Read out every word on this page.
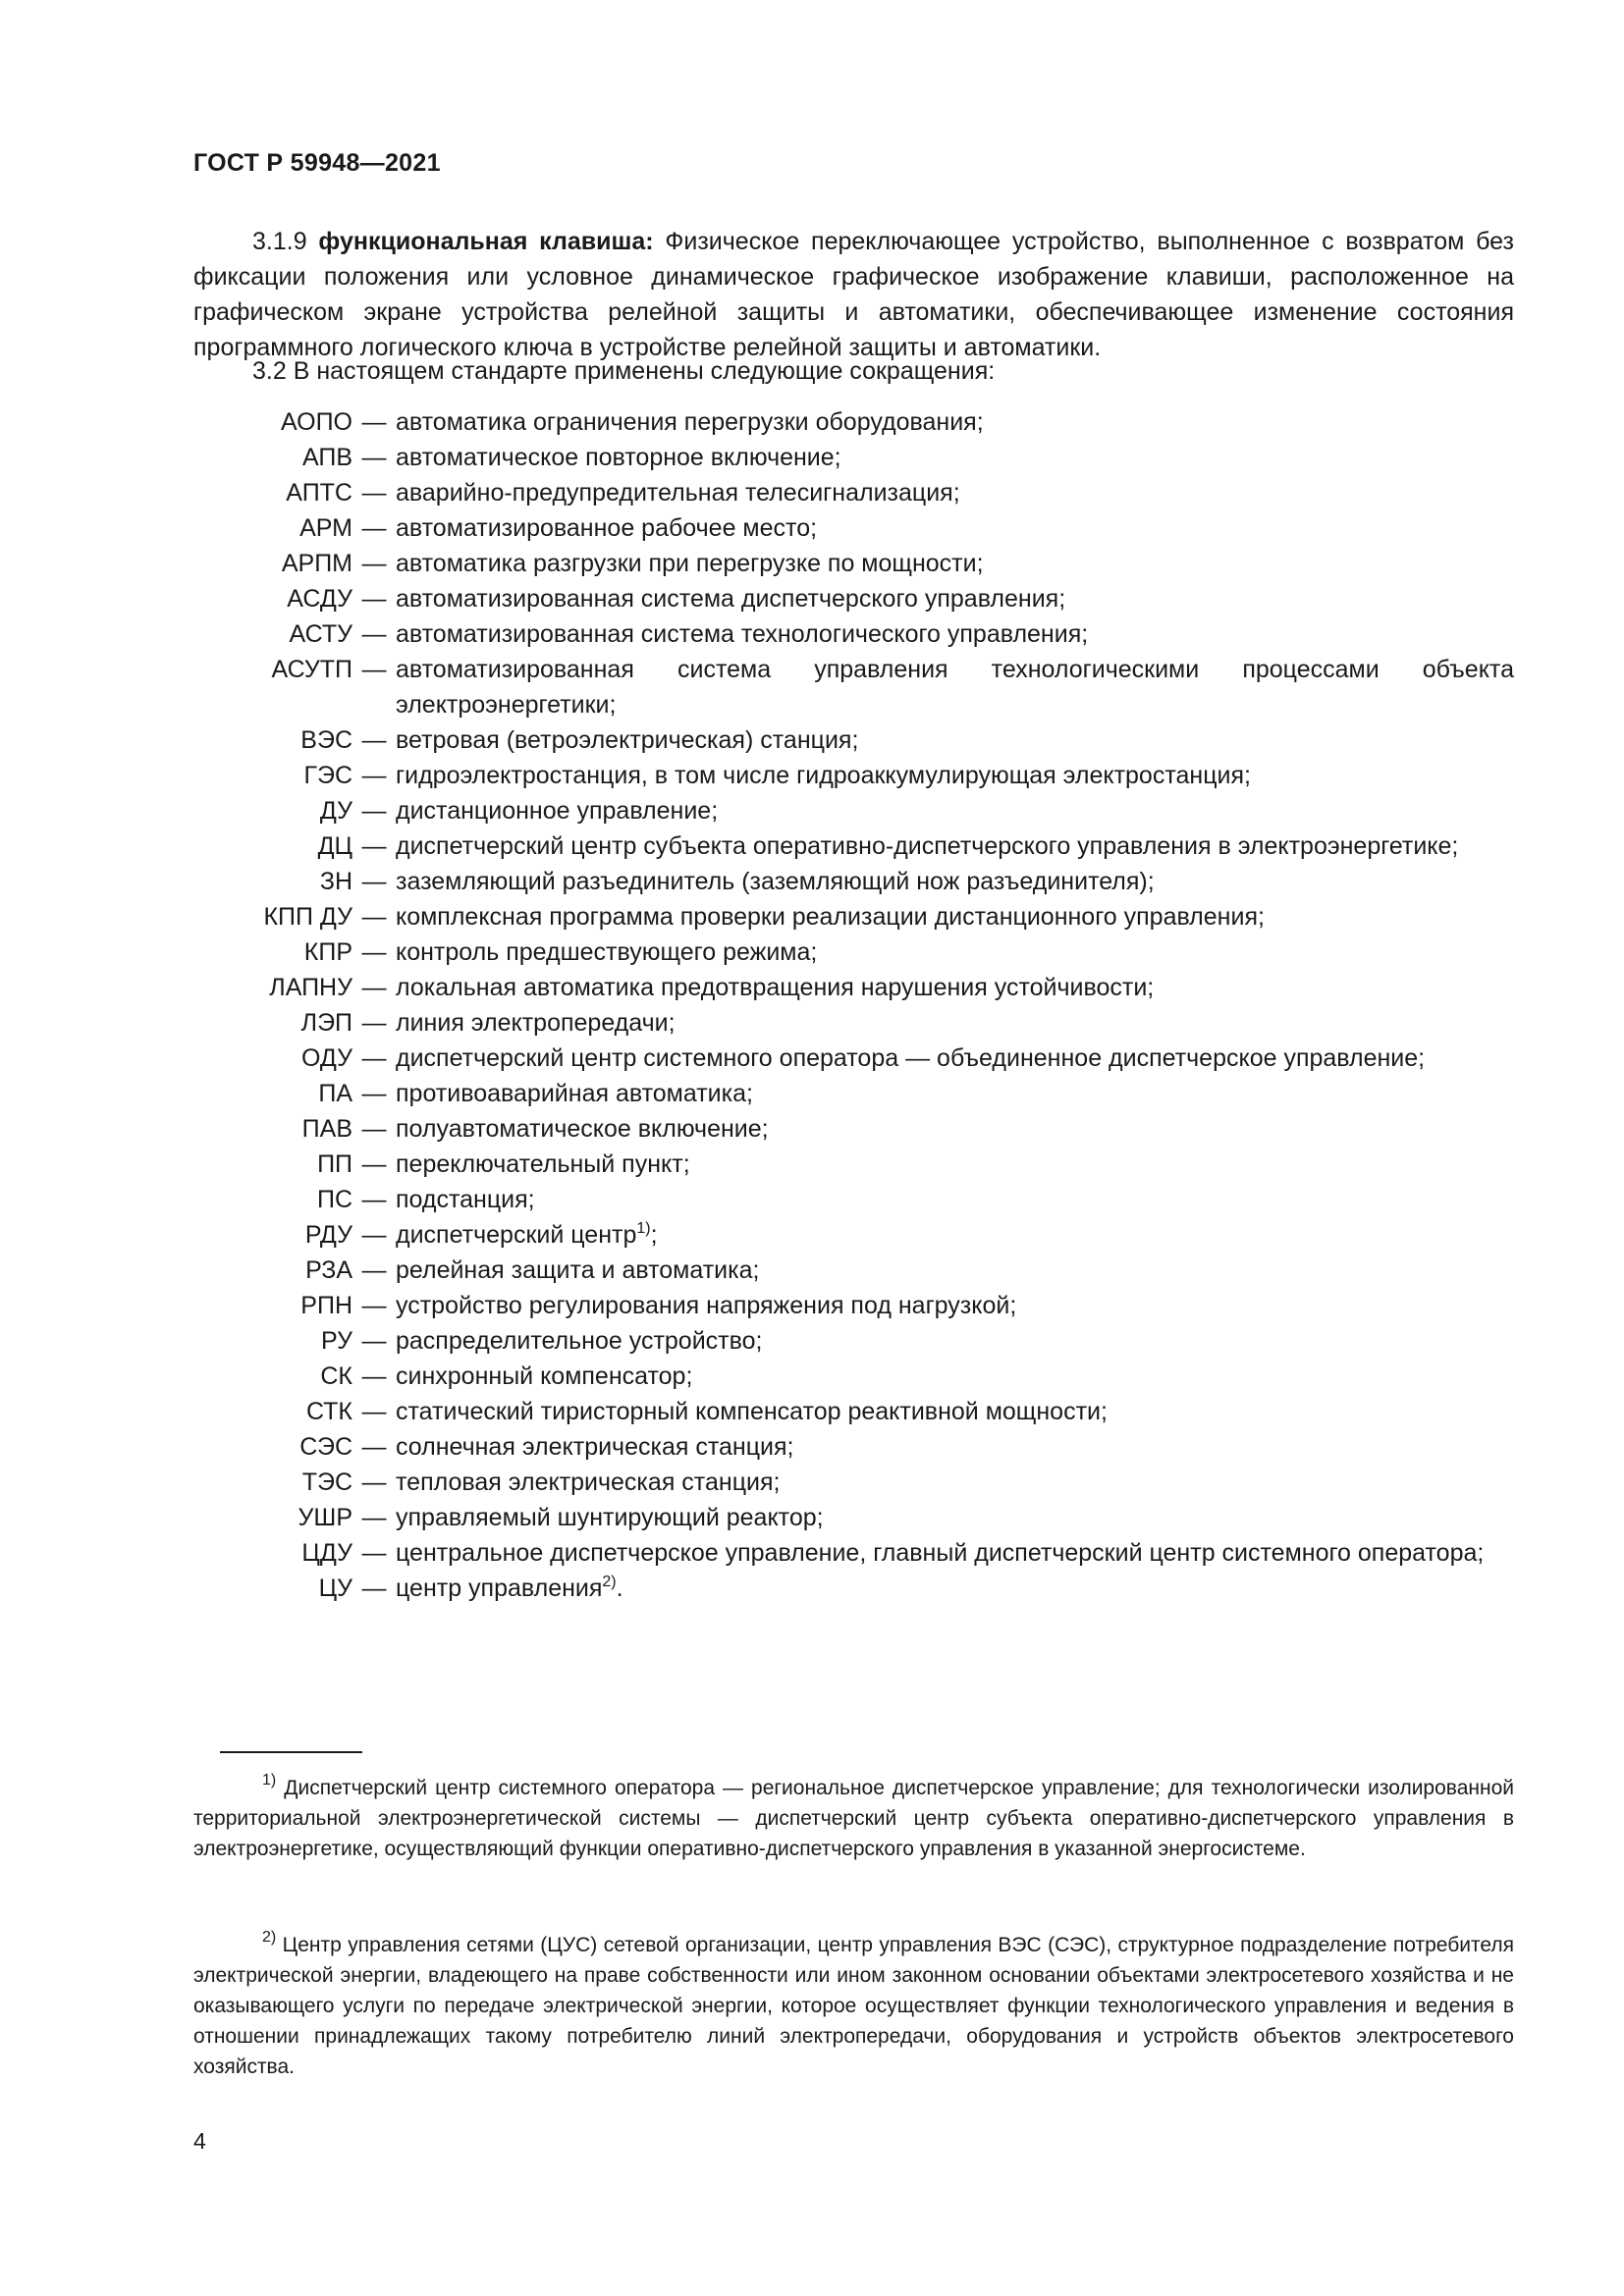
ГОСТ Р 59948—2021

3.1.9 функциональная клавиша: Физическое переключающее устройство, выполненное с возвратом без фиксации положения или условное динамическое графическое изображение клавиши, расположенное на графическом экране устройства релейной защиты и автоматики, обеспечивающее изменение состояния программного логического ключа в устройстве релейной защиты и автоматики.

3.2 В настоящем стандарте применены следующие сокращения:

АОПО — автоматика ограничения перегрузки оборудования;
АПВ — автоматическое повторное включение;
АПТС — аварийно-предупредительная телесигнализация;
АРМ — автоматизированное рабочее место;
АРПМ — автоматика разгрузки при перегрузке по мощности;
АСДУ — автоматизированная система диспетчерского управления;
АСТУ — автоматизированная система технологического управления;
АСУТП — автоматизированная система управления технологическими процессами объекта электроэнергетики;
ВЭС — ветровая (ветроэлектрическая) станция;
ГЭС — гидроэлектростанция, в том числе гидроаккумулирующая электростанция;
ДУ — дистанционное управление;
ДЦ — диспетчерский центр субъекта оперативно-диспетчерского управления в электроэнергетике;
ЗН — заземляющий разъединитель (заземляющий нож разъединителя);
КПП ДУ — комплексная программа проверки реализации дистанционного управления;
КПР — контроль предшествующего режима;
ЛАПНУ — локальная автоматика предотвращения нарушения устойчивости;
ЛЭП — линия электропередачи;
ОДУ — диспетчерский центр системного оператора — объединенное диспетчерское управление;
ПА — противоаварийная автоматика;
ПАВ — полуавтоматическое включение;
ПП — переключательный пункт;
ПС — подстанция;
РДУ — диспетчерский центр$^{1)}$;
РЗА — релейная защита и автоматика;
РПН — устройство регулирования напряжения под нагрузкой;
РУ — распределительное устройство;
СК — синхронный компенсатор;
СТК — статический тиристорный компенсатор реактивной мощности;
СЭС — солнечная электрическая станция;
ТЭС — тепловая электрическая станция;
УШР — управляемый шунтирующий реактор;
ЦДУ — центральное диспетчерское управление, главный диспетчерский центр системного оператора;
ЦУ — центр управления$^{2)}$.

$^{1)}$ Диспетчерский центр системного оператора — региональное диспетчерское управление; для технологически изолированной территориальной электроэнергетической системы — диспетчерский центр субъекта оперативно-диспетчерского управления в электроэнергетике, осуществляющий функции оперативно-диспетчерского управления в указанной энергосистеме.

$^{2)}$ Центр управления сетями (ЦУС) сетевой организации, центр управления ВЭС (СЭС), структурное подразделение потребителя электрической энергии, владеющего на праве собственности или ином законном основании объектами электросетевого хозяйства и не оказывающего услуги по передаче электрической энергии, которое осуществляет функции технологического управления и ведения в отношении принадлежащих такому потребителю линий электропередачи, оборудования и устройств объектов электросетевого хозяйства.

4
